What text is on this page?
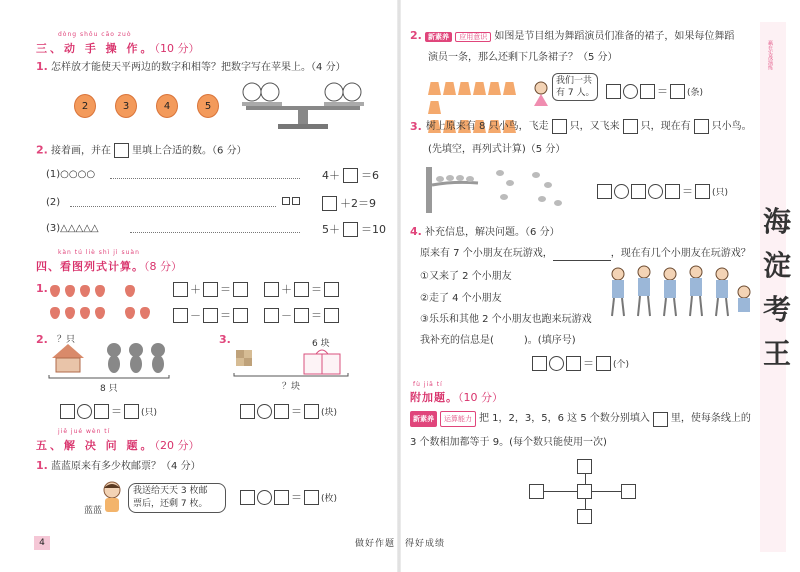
dòng shǒu cāo zuò
三、动 手 操 作。（10 分）
1. 怎样放才能使天平两边的数字和相等？把数字写在苹果上。（4 分）
2	3	4	5
2. 接着画，并在 里填上合适的数。（6 分）
(1)○○○○	4＋ ＝6
(2)	＋2＝9
(3)△△△△△	5＋ ＝10
kàn tú liè shì jì suàn
四、看图列式计算。（8 分）
1.	＋ ＝	＋ ＝
－ ＝	－ ＝
2. ？只
8 只
＝ (只)
3.	6 块
？块
＝ (块)
jiě jué wèn tí
五、解 决 问 题。（20 分）
1. 蓝蓝原来有多少枚邮票？（4 分）
蓝蓝
我送给天天 3 枚邮
票后，还剩 7 枚。	＝ (枚)
4	做好作题　得好成绩
2. 新素养 应用意识 如图是节目组为舞蹈演员们准备的裙子，如果每位舞蹈
演员一条，那么还剩下几条裙子？（5 分）

我们一共
有 7 人。	＝ (条)
3. 树上原来有 8 只小鸟，飞走 只，又飞来 只，现在有 只小鸟。
(先填空，再列式计算)（5 分）
＝ (只)
4. 补充信息，解决问题。（6 分）
原来有 7 个小朋友在玩游戏，	，现在有几个小朋友在玩游戏？
①又来了 2 个小朋友
②走了 4 个小朋友
③乐乐和其他 2 个小朋友也跑来玩游戏
我补充的信息是(　　　)。(填序号)
＝ (个)
fù jiā tí
附加题。（10 分）
新素养	运算能力 把 1，2，3，5，6 这 5 个数分别填入 里，使每条线上的
3 个数相加都等于 9。(每个数只能使用一次)
赢在实战演练
海
淀
考
王
